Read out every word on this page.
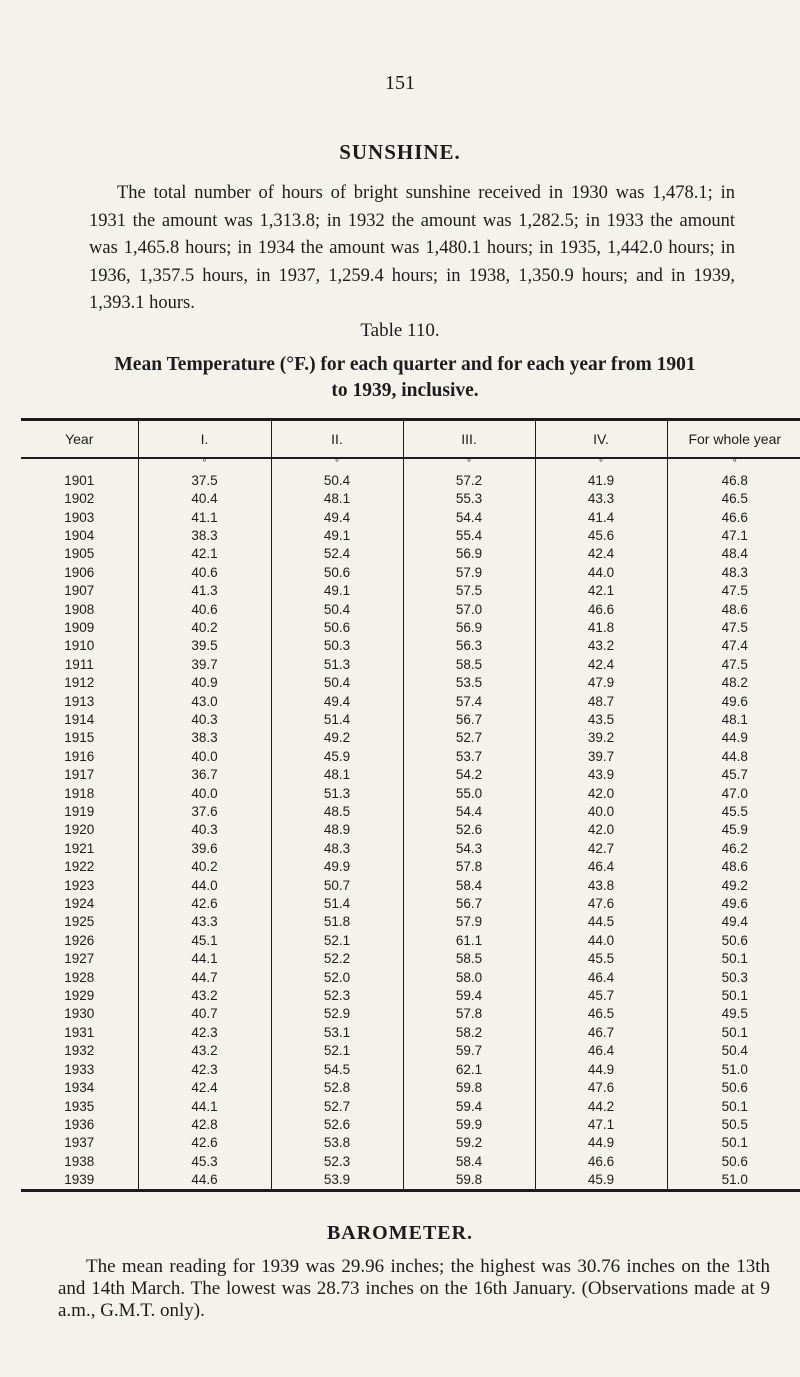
151
SUNSHINE.
The total number of hours of bright sunshine received in 1930 was 1,478.1; in 1931 the amount was 1,313.8; in 1932 the amount was 1,282.5; in 1933 the amount was 1,465.8 hours; in 1934 the amount was 1,480.1 hours; in 1935, 1,442.0 hours; in 1936, 1,357.5 hours, in 1937, 1,259.4 hours; in 1938, 1,350.9 hours; and in 1939, 1,393.1 hours.
Table 110.
Mean Temperature (°F.) for each quarter and for each year from 1901 to 1939, inclusive.
Year	I.	II.	III.	IV.	For whole year
	°	°	°	°	°
1901	37.5	50.4	57.2	41.9	46.8
1902	40.4	48.1	55.3	43.3	46.5
1903	41.1	49.4	54.4	41.4	46.6
1904	38.3	49.1	55.4	45.6	47.1
1905	42.1	52.4	56.9	42.4	48.4
1906	40.6	50.6	57.9	44.0	48.3
1907	41.3	49.1	57.5	42.1	47.5
1908	40.6	50.4	57.0	46.6	48.6
1909	40.2	50.6	56.9	41.8	47.5
1910	39.5	50.3	56.3	43.2	47.4
1911	39.7	51.3	58.5	42.4	47.5
1912	40.9	50.4	53.5	47.9	48.2
1913	43.0	49.4	57.4	48.7	49.6
1914	40.3	51.4	56.7	43.5	48.1
1915	38.3	49.2	52.7	39.2	44.9
1916	40.0	45.9	53.7	39.7	44.8
1917	36.7	48.1	54.2	43.9	45.7
1918	40.0	51.3	55.0	42.0	47.0
1919	37.6	48.5	54.4	40.0	45.5
1920	40.3	48.9	52.6	42.0	45.9
1921	39.6	48.3	54.3	42.7	46.2
1922	40.2	49.9	57.8	46.4	48.6
1923	44.0	50.7	58.4	43.8	49.2
1924	42.6	51.4	56.7	47.6	49.6
1925	43.3	51.8	57.9	44.5	49.4
1926	45.1	52.1	61.1	44.0	50.6
1927	44.1	52.2	58.5	45.5	50.1
1928	44.7	52.0	58.0	46.4	50.3
1929	43.2	52.3	59.4	45.7	50.1
1930	40.7	52.9	57.8	46.5	49.5
1931	42.3	53.1	58.2	46.7	50.1
1932	43.2	52.1	59.7	46.4	50.4
1933	42.3	54.5	62.1	44.9	51.0
1934	42.4	52.8	59.8	47.6	50.6
1935	44.1	52.7	59.4	44.2	50.1
1936	42.8	52.6	59.9	47.1	50.5
1937	42.6	53.8	59.2	44.9	50.1
1938	45.3	52.3	58.4	46.6	50.6
1939	44.6	53.9	59.8	45.9	51.0
BAROMETER.
The mean reading for 1939 was 29.96 inches; the highest was 30.76 inches on the 13th and 14th March. The lowest was 28.73 inches on the 16th January. (Observations made at 9 a.m., G.M.T. only).
